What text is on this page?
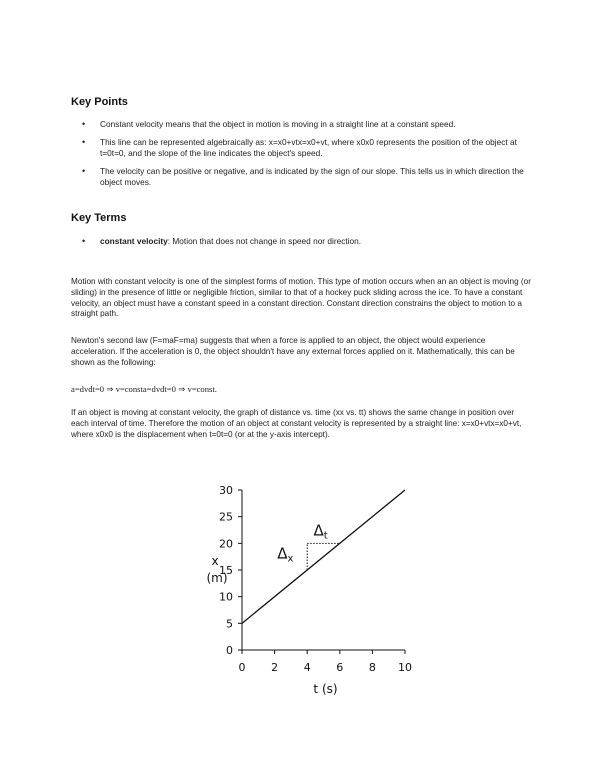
Key Points
• Constant velocity means that the object in motion is moving in a straight line at a constant speed.
• This line can be represented algebraically as: x=x0+vtx=x0+vt, where x0x0 represents the position of the object at t=0t=0, and the slope of the line indicates the object's speed.
• The velocity can be positive or negative, and is indicated by the sign of our slope. This tells us in which direction the object moves.
Key Terms
• constant velocity: Motion that does not change in speed nor direction.

Motion with constant velocity is one of the simplest forms of motion. This type of motion occurs when an an object is moving (or sliding) in the presence of little or negligible friction, similar to that of a hockey puck sliding across the ice. To have a constant velocity, an object must have a constant speed in a constant direction. Constant direction constrains the object to motion to a straight path.

Newton's second law (F=maF=ma) suggests that when a force is applied to an object, the object would experience acceleration. If the acceleration is 0, the object shouldn't have any external forces applied on it. Mathematically, this can be shown as the following:

a=dvdt=0 ⇒ v=consta=dvdt=0 ⇒ v=const.

If an object is moving at constant velocity, the graph of distance vs. time (xx vs. tt) shows the same change in position over each interval of time. Therefore the motion of an object at constant velocity is represented by a straight line: x=x0+vtx=x0+vt, where x0x0 is the displacement when t=0t=0 (or at the y-axis intercept).

0
5
10
15
20
25
30
0 2 4 6 8 10
$\Delta_t$
$\Delta_x$
x
(m)
t (s)
